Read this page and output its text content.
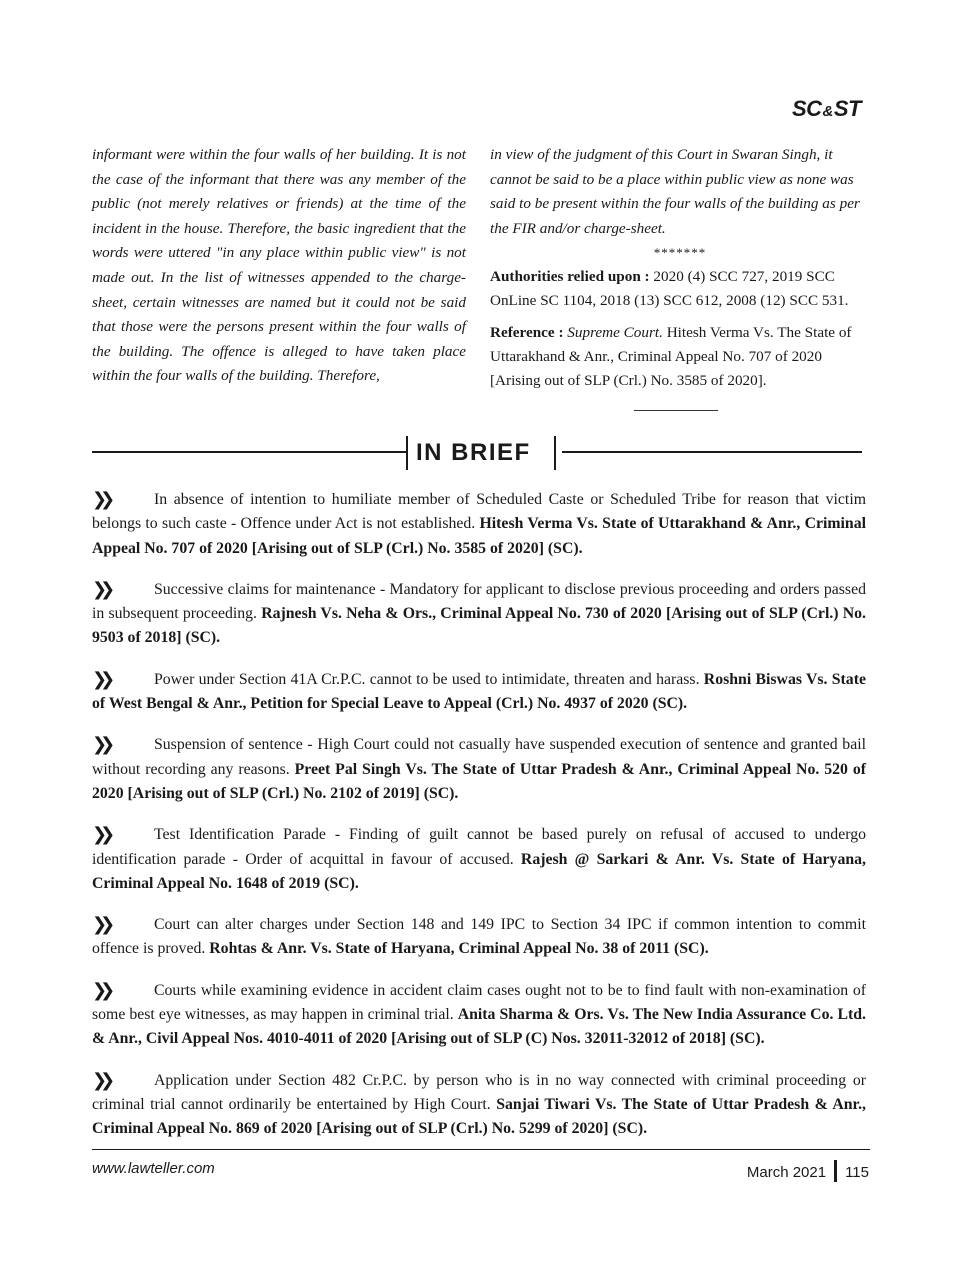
SC&ST
informant were within the four walls of her building. It is not the case of the informant that there was any member of the public (not merely relatives or friends) at the time of the incident in the house. Therefore, the basic ingredient that the words were uttered "in any place within public view" is not made out. In the list of witnesses appended to the charge-sheet, certain witnesses are named but it could not be said that those were the persons present within the four walls of the building. The offence is alleged to have taken place within the four walls of the building. Therefore,

in view of the judgment of this Court in Swaran Singh, it cannot be said to be a place within public view as none was said to be present within the four walls of the building as per the FIR and/or charge-sheet.

*******

Authorities relied upon : 2020 (4) SCC 727, 2019 SCC OnLine SC 1104, 2018 (13) SCC 612, 2008 (12) SCC 531.

Reference : Supreme Court. Hitesh Verma Vs. The State of Uttarakhand & Anr., Criminal Appeal No. 707 of 2020 [Arising out of SLP (Crl.) No. 3585 of 2020].

IN BRIEF

❯❯	In absence of intention to humiliate member of Scheduled Caste or Scheduled Tribe for reason that victim belongs to such caste - Offence under Act is not established. Hitesh Verma Vs. State of Uttarakhand & Anr., Criminal Appeal No. 707 of 2020 [Arising out of SLP (Crl.) No. 3585 of 2020] (SC).

❯❯	Successive claims for maintenance - Mandatory for applicant to disclose previous proceeding and orders passed in subsequent proceeding. Rajnesh Vs. Neha & Ors., Criminal Appeal No. 730 of 2020 [Arising out of SLP (Crl.) No. 9503 of 2018] (SC).

❯❯	Power under Section 41A Cr.P.C. cannot to be used to intimidate, threaten and harass. Roshni Biswas Vs. State of West Bengal & Anr., Petition for Special Leave to Appeal (Crl.) No. 4937 of 2020 (SC).

❯❯	Suspension of sentence - High Court could not casually have suspended execution of sentence and granted bail without recording any reasons. Preet Pal Singh Vs. The State of Uttar Pradesh & Anr., Criminal Appeal No. 520 of 2020 [Arising out of SLP (Crl.) No. 2102 of 2019] (SC).

❯❯	Test Identification Parade - Finding of guilt cannot be based purely on refusal of accused to undergo identification parade - Order of acquittal in favour of accused. Rajesh @ Sarkari & Anr. Vs. State of Haryana, Criminal Appeal No. 1648 of 2019 (SC).

❯❯	Court can alter charges under Section 148 and 149 IPC to Section 34 IPC if common intention to commit offence is proved. Rohtas & Anr. Vs. State of Haryana, Criminal Appeal No. 38 of 2011 (SC).

❯❯	Courts while examining evidence in accident claim cases ought not to be to find fault with non-examination of some best eye witnesses, as may happen in criminal trial. Anita Sharma & Ors. Vs. The New India Assurance Co. Ltd. & Anr., Civil Appeal Nos. 4010-4011 of 2020 [Arising out of SLP (C) Nos. 32011-32012 of 2018] (SC).

❯❯	Application under Section 482 Cr.P.C. by person who is in no way connected with criminal proceeding or criminal trial cannot ordinarily be entertained by High Court. Sanjai Tiwari Vs. The State of Uttar Pradesh & Anr., Criminal Appeal No. 869 of 2020 [Arising out of SLP (Crl.) No. 5299 of 2020] (SC).

www.lawteller.com	March 2021 115
